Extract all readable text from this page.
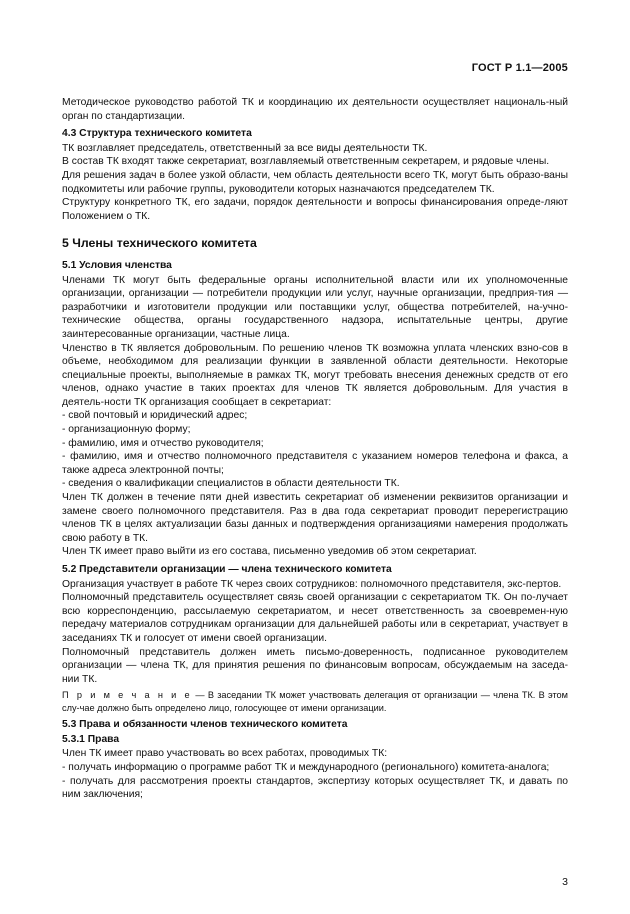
ГОСТ Р 1.1—2005

Методическое руководство работой ТК и координацию их деятельности осуществляет националь-ный орган по стандартизации.

4.3 Структура технического комитета

ТК возглавляет председатель, ответственный за все виды деятельности ТК.

В состав ТК входят также секретариат, возглавляемый ответственным секретарем, и рядовые члены.

Для решения задач в более узкой области, чем область деятельности всего ТК, могут быть образо-ваны подкомитеты или рабочие группы, руководители которых назначаются председателем ТК.

Структуру конкретного ТК, его задачи, порядок деятельности и вопросы финансирования опреде-ляют Положением о ТК.

5 Члены технического комитета

5.1 Условия членства

Членами ТК могут быть федеральные органы исполнительной власти или их уполномоченные организации, организации — потребители продукции или услуг, научные организации, предприя-тия — разработчики и изготовители продукции или поставщики услуг, общества потребителей, на-учно-технические общества, органы государственного надзора, испытательные центры, другие заинтересованные организации, частные лица.

Членство в ТК является добровольным. По решению членов ТК возможна уплата членских взно-сов в объеме, необходимом для реализации функции в заявленной области деятельности. Некоторые специальные проекты, выполняемые в рамках ТК, могут требовать внесения денежных средств от его членов, однако участие в таких проектах для членов ТК является добровольным. Для участия в деятель-ности ТК организация сообщает в секретариат:

- свой почтовый и юридический адрес;

- организационную форму;

- фамилию, имя и отчество руководителя;

- фамилию, имя и отчество полномочного представителя с указанием номеров телефона и факса, а также адреса электронной почты;

- сведения о квалификации специалистов в области деятельности ТК.

Член ТК должен в течение пяти дней известить секретариат об изменении реквизитов организации и замене своего полномочного представителя. Раз в два года секретариат проводит перерегистрацию членов ТК в целях актуализации базы данных и подтверждения организациями намерения продолжать свою работу в ТК.

Член ТК имеет право выйти из его состава, письменно уведомив об этом секретариат.

5.2 Представители организации — члена технического комитета

Организация участвует в работе ТК через своих сотрудников: полномочного представителя, экс-пертов.

Полномочный представитель осуществляет связь своей организации с секретариатом ТК. Он по-лучает всю корреспонденцию, рассылаемую секретариатом, и несет ответственность за своевремен-ную передачу материалов сотрудникам организации для дальнейшей работы или в секретариат, участвует в заседаниях ТК и голосует от имени своей организации.

Полномочный представитель должен иметь письмо-доверенность, подписанное руководителем организации — члена ТК, для принятия решения по финансовым вопросам, обсуждаемым на заседа-нии ТК.

П р и м е ч а н и е — В заседании ТК может участвовать делегация от организации — члена ТК. В этом слу-чае должно быть определено лицо, голосующее от имени организации.

5.3 Права и обязанности членов технического комитета

5.3.1 Права

Член ТК имеет право участвовать во всех работах, проводимых ТК:

- получать информацию о программе работ ТК и международного (регионального) комитета-аналога;

- получать для рассмотрения проекты стандартов, экспертизу которых осуществляет ТК, и давать по ним заключения;

3
